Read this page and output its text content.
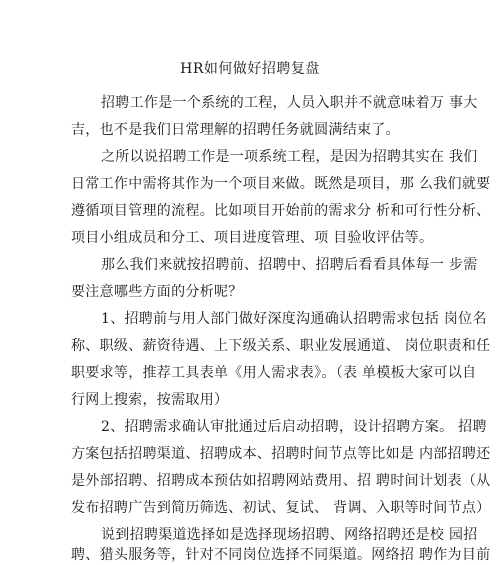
HR如何做好招聘复盘
招聘工作是一个系统的工程，人员入职并不就意味着万 事大
吉，也不是我们日常理解的招聘任务就圆满结束了。
之所以说招聘工作是一项系统工程，是因为招聘其实在 我们
日常工作中需将其作为一个项目来做。既然是项目，那 么我们就要
遵循项目管理的流程。比如项目开始前的需求分 析和可行性分析、
项目小组成员和分工、项目进度管理、项 目验收评估等。
那么我们来就按招聘前、招聘中、招聘后看看具体每一 步需
要注意哪些方面的分析呢？
1、招聘前与用人部门做好深度沟通确认招聘需求包括 岗位名
称、职级、薪资待遇、上下级关系、职业发展通道、 岗位职责和任
职要求等，推荐工具表单《用人需求表》。（表 单模板大家可以自
行网上搜索，按需取用）
2、招聘需求确认审批通过后启动招聘，设计招聘方案。 招聘
方案包括招聘渠道、招聘成本、招聘时间节点等比如是 内部招聘还
是外部招聘、招聘成本预估如招聘网站费用、招 聘时间计划表（从
发布招聘广告到简历筛选、初试、复试、 背调、入职等时间节点）
说到招聘渠道选择如是选择现场招聘、网络招聘还是校 园招
聘、猎头服务等，针对不同岗位选择不同渠道。网络招 聘作为目前
